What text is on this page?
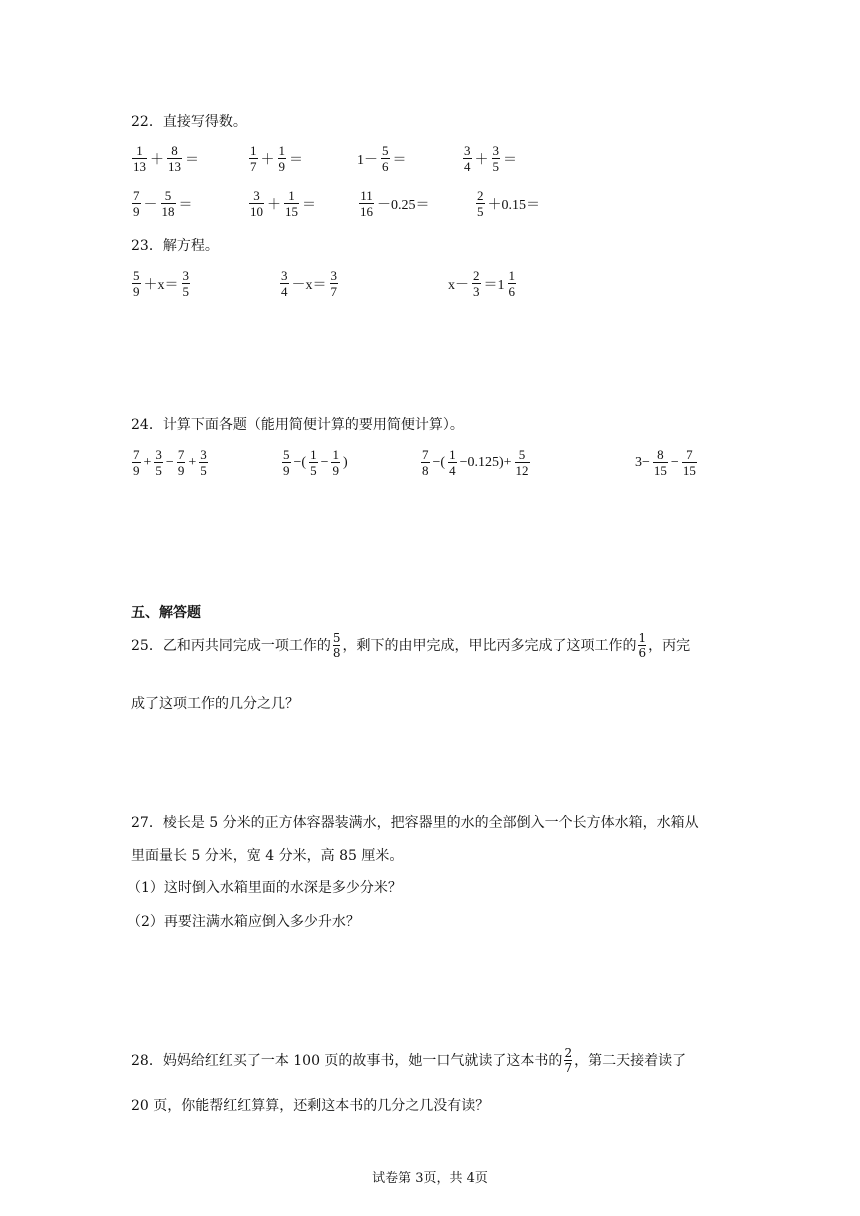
22．直接写得数。
$\frac{1}{13} + \frac{8}{13}$ ＝	$\frac{1}{7} + \frac{1}{9}$ ＝	$1- \frac{5}{6}$ ＝	$\frac{3}{4} + \frac{3}{5}$ ＝
$\frac{7}{9} - \frac{5}{18}$ ＝	$\frac{3}{10} + \frac{1}{15}$ ＝	$\frac{11}{16} -0.25=$	$\frac{2}{5} +0.15=$
23．解方程。
$\frac{5}{9} +x= \frac{3}{5}$	$\frac{3}{4} -x= \frac{3}{7}$	$x- \frac{2}{3} =1 \frac{1}{6}$
24．计算下面各题（能用简便计算的要用简便计算）。
$\frac{7}{9} + \frac{3}{5} - \frac{7}{9} + \frac{3}{5}$	$\frac{5}{9}$ −( $\frac{1}{5} - \frac{1}{9}$ )	$\frac{7}{8}$ −( $\frac{1}{4} -0.125)+ \frac{5}{12}$	$3- \frac{8}{15} - \frac{7}{15}$
五、解答题
25．乙和丙共同完成一项工作的 $\frac{5}{8}$ ，剩下的由甲完成，甲比丙多完成了这项工作的 $\frac{1}{6}$ ，丙完
成了这项工作的几分之几？
27．棱长是 5 分米的正方体容器装满水，把容器里的水的全部倒入一个长方体水箱，水箱从
里面量长 5 分米，宽 4 分米，高 85 厘米。
（1）这时倒入水箱里面的水深是多少分米？
（2）再要注满水箱应倒入多少升水？
28．妈妈给红红买了一本 100 页的故事书，她一口气就读了这本书的 $\frac{2}{7}$ ，第二天接着读了
20 页，你能帮红红算算，还剩这本书的几分之几没有读？
试卷第 3页，共 4页
